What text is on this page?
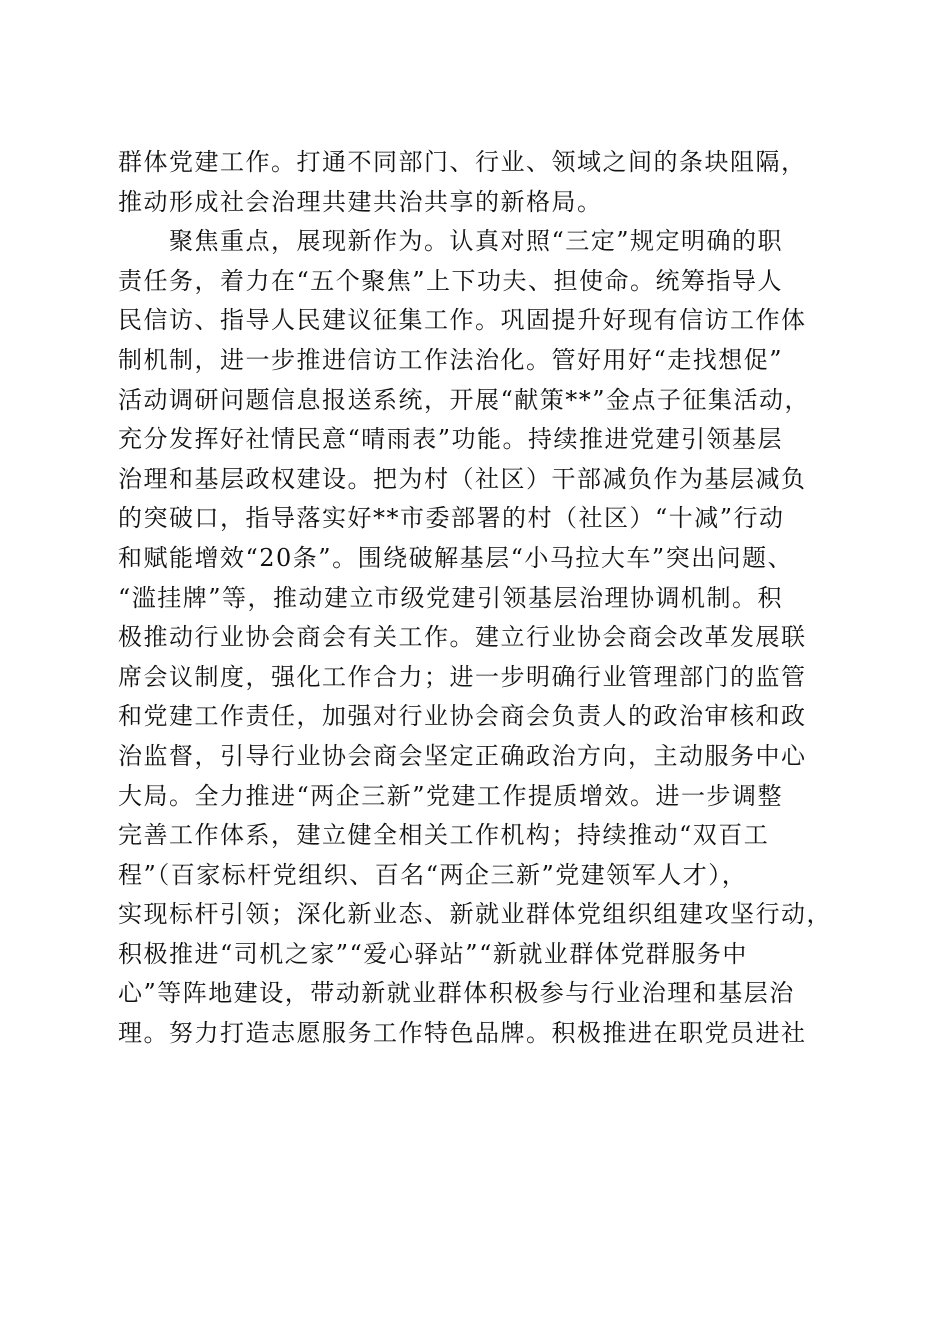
群体党建工作。打通不同部门、行业、领域之间的条块阻隔，
推动形成社会治理共建共治共享的新格局。
　　聚焦重点，展现新作为。认真对照“三定”规定明确的职
责任务，着力在“五个聚焦”上下功夫、担使命。统筹指导人
民信访、指导人民建议征集工作。巩固提升好现有信访工作体
制机制，进一步推进信访工作法治化。管好用好“走找想促”
活动调研问题信息报送系统，开展“献策**”金点子征集活动，
充分发挥好社情民意“晴雨表”功能。持续推进党建引领基层
治理和基层政权建设。把为村（社区）干部减负作为基层减负
的突破口，指导落实好**市委部署的村（社区）“十减”行动
和赋能增效“20条”。围绕破解基层“小马拉大车”突出问题、
“滥挂牌”等，推动建立市级党建引领基层治理协调机制。积
极推动行业协会商会有关工作。建立行业协会商会改革发展联
席会议制度，强化工作合力；进一步明确行业管理部门的监管
和党建工作责任，加强对行业协会商会负责人的政治审核和政
治监督，引导行业协会商会坚定正确政治方向，主动服务中心
大局。全力推进“两企三新”党建工作提质增效。进一步调整
完善工作体系，建立健全相关工作机构；持续推动“双百工
程”（百家标杆党组织、百名“两企三新”党建领军人才），
实现标杆引领；深化新业态、新就业群体党组织组建攻坚行动，
积极推进“司机之家”“爱心驿站”“新就业群体党群服务中
心”等阵地建设，带动新就业群体积极参与行业治理和基层治
理。努力打造志愿服务工作特色品牌。积极推进在职党员进社
